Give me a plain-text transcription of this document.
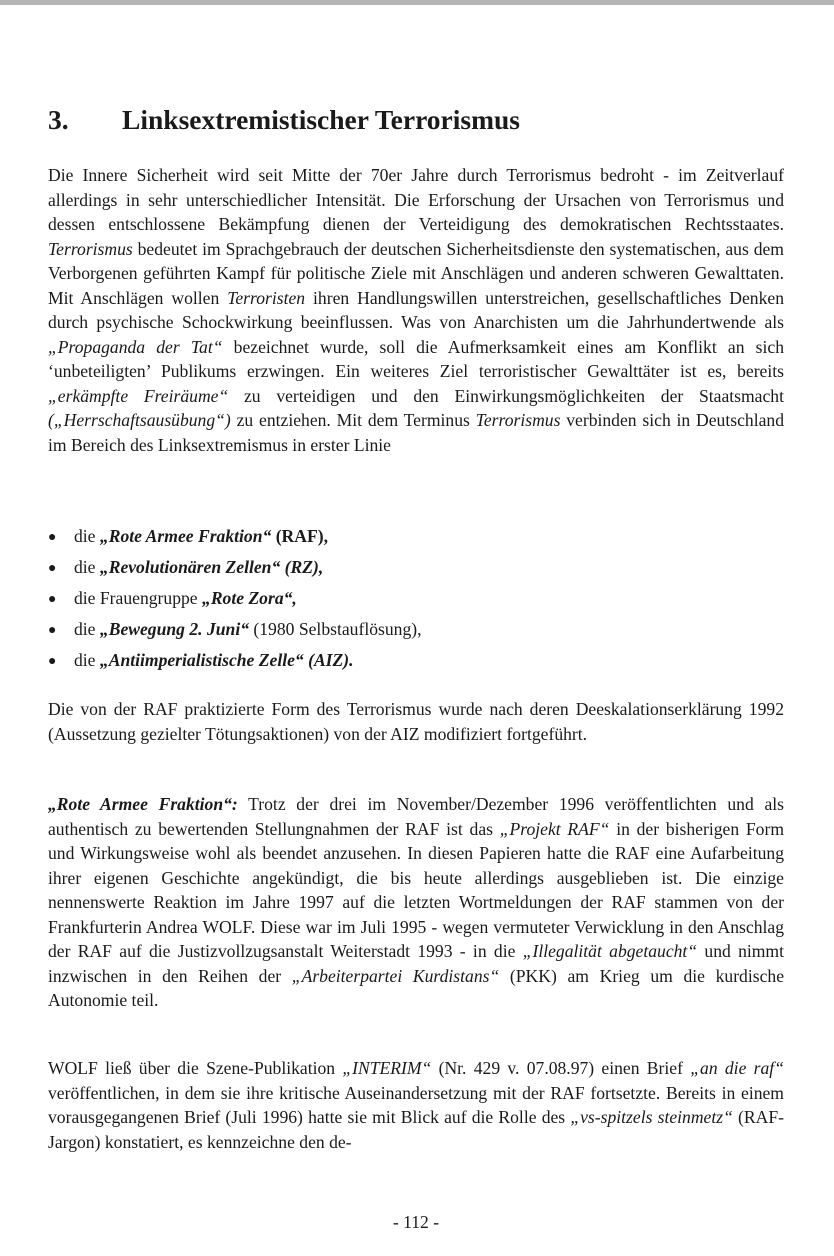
3. Linksextremistischer Terrorismus

Die Innere Sicherheit wird seit Mitte der 70er Jahre durch Terrorismus bedroht - im Zeitverlauf allerdings in sehr unterschiedlicher Intensität. Die Erforschung der Ursachen von Terrorismus und dessen entschlossene Bekämpfung dienen der Verteidigung des demokratischen Rechtsstaates. Terrorismus bedeutet im Sprachgebrauch der deutschen Sicherheitsdienste den systematischen, aus dem Verborgenen geführten Kampf für politische Ziele mit Anschlägen und anderen schweren Gewalttaten. Mit Anschlägen wollen Terroristen ihren Handlungswillen unterstreichen, gesellschaftliches Denken durch psychische Schockwirkung beeinflussen. Was von Anarchisten um die Jahrhundertwende als „Propaganda der Tat“ bezeichnet wurde, soll die Aufmerksamkeit eines am Konflikt an sich ‘unbeteiligten’ Publikums erzwingen. Ein weiteres Ziel terroristischer Gewalttäter ist es, bereits „erkämpfte Freiräume“ zu verteidigen und den Einwirkungsmöglichkeiten der Staatsmacht („Herrschaftsausübung“) zu entziehen. Mit dem Terminus Terrorismus verbinden sich in Deutschland im Bereich des Linksextremismus in erster Linie

● die „Rote Armee Fraktion“ (RAF),
● die „Revolutionären Zellen“ (RZ),
● die Frauengruppe „Rote Zora“,
● die „Bewegung 2. Juni“ (1980 Selbstauflösung),
● die „Antiimperialistische Zelle“ (AIZ).

Die von der RAF praktizierte Form des Terrorismus wurde nach deren Deeskalationserklärung 1992 (Aussetzung gezielter Tötungsaktionen) von der AIZ modifiziert fortgeführt.

„Rote Armee Fraktion“: Trotz der drei im November/Dezember 1996 veröffentlichten und als authentisch zu bewertenden Stellungnahmen der RAF ist das „Projekt RAF“ in der bisherigen Form und Wirkungsweise wohl als beendet anzusehen. In diesen Papieren hatte die RAF eine Aufarbeitung ihrer eigenen Geschichte angekündigt, die bis heute allerdings ausgeblieben ist. Die einzige nennenswerte Reaktion im Jahre 1997 auf die letzten Wortmeldungen der RAF stammen von der Frankfurterin Andrea WOLF. Diese war im Juli 1995 - wegen vermuteter Verwicklung in den Anschlag der RAF auf die Justizvollzugsanstalt Weiterstadt 1993 - in die „Illegalität abgetaucht“ und nimmt inzwischen in den Reihen der „Arbeiterpartei Kurdistans“ (PKK) am Krieg um die kurdische Autonomie teil.

WOLF ließ über die Szene-Publikation „INTERIM“ (Nr. 429 v. 07.08.97) einen Brief „an die raf“ veröffentlichen, in dem sie ihre kritische Auseinandersetzung mit der RAF fortsetzte. Bereits in einem vorausgegangenen Brief (Juli 1996) hatte sie mit Blick auf die Rolle des „vs-spitzels steinmetz“ (RAF-Jargon) konstatiert, es kennzeichne den de-

- 112 -
